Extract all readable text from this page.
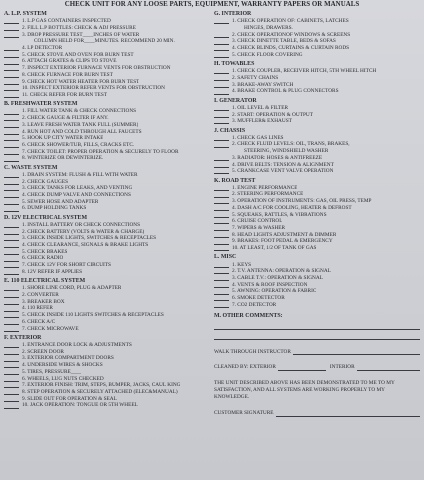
CHECK UNIT FOR ANY LOOSE PARTS, EQUIPMENT, WARRANTY PAPERS OR MANUALS
A. L.P. SYSTEM
1. L.P GAS CONTAINERS INSPECTED
2. FILL L.P BOTTLES: CHECK & ADJ PRESSURE
3. DROP PRESSURE TEST____INCHES OF WATER
COLUMN HELD FOR____MINUTES. RECOMMEND 20 MIN.
4. LP DETECTOR
5. CHECK STOVE AND OVEN FOR BURN TEST
6. ATTACH GRATES & CLIPS TO STOVE
7. INSPECT EXTERIOR FURNACE VENTS FOR OBSTRUCTION
8. CHECK FURNACE FOR BURN TEST
9. CHECK HOT WATER HEATER FOR BURN TEST
10. INSPECT EXTERIOR REFER VENTS FOR OBSTRUCTION
11. CHECK REFER FOR BURN TEST
B. FRESHWATER SYSTEM
1. FILL WATER TANK & CHECK CONNECTIONS
2. CHECK GAUGE & FILTER IF ANY.
3. LEAVE FRESH WATER TANK FULL (SUMMER)
4. RUN HOT AND COLD THROUGH ALL FAUCETS
5. HOOK UP CITY WATER INTAKE
6. CHECK SHOWER/TUB, FILLS, CRACKS ETC.
7. CHECK TOILET: PROPER OPERATION & SECURELY TO FLOOR
8. WINTERIZE OR DEWINTERIZE.
C. WASTE SYSTEM
1. DRAIN SYSTEM: FLUSH & FILL WITH WATER
2. CHECK GAUGES
3. CHECK TANKS FOR LEAKS, AND VENTING
4. CHECK DUMP VALVE AND CONNECTIONS
5. SEWER HOSE AND ADAPTER
6. DUMP HOLDING TANKS
D. 12V ELECTRICAL SYSTEM
1. INSTALL BATTERY OR CHECK CONNECTIONS
2. CHECK BATTERY (VOLTS & WATER & CHARGE)
3. CHECK INSIDE LIGHTS, SWITCHES & RECEPTACLES
4. CHECK CLEARANCE, SIGNALS & BRAKE LIGHTS
5. CHECK BRAKES
6. CHECK RADIO
7. CHECK 12V FOR SHORT CIRCUITS
8. 12V REFER IF APPLIES
E. 110 ELECTRICAL SYSTEM
1. SHORE LINE CORD, PLUG & ADAPTER
2. CONVERTER
3. BREAKER BOX
4. 110 REFER
5. CHECK INSIDE 110 LIGHTS SWITCHES & RECEPTACLES
6. CHECK A/C
7. CHECK MICROWAVE
F. EXTERIOR
1. ENTRANCE DOOR LOCK & ADJUSTMENTS
2. SCREEN DOOR
3. EXTERIOR COMPARTMENT DOORS
4. UNDERSIDE WIRES & SHOCKS
5. TIRES, PRESSURE____
6. WHEELS, LUG NUTS CHECKED
7. EXTERIOR FINISH: TRIM, STEPS, BUMPER, JACKS, CAUL KING
8. STEP OPERATION & SECURELY ATTACHED (ELEC&MANUAL)
9. SLIDE OUT FOR OPERATION & SEAL
10. JACK OPERATION: TONGUE OR 5TH WHEEL
G. INTERIOR
1. CHECK OPERATION OF: CABINETS, LATCHES
HINGES, DRAWERS.
2. CHECK OPERATIONOF WINDOWS & SCREENS
3. CHECK DINETTE TABLE, BEDS & SOFAS
4. CHECK BLINDS, CURTAINS & CURTAIN RODS
5. CHECK FLOOR COVERING
H. TOWABLES
1. CHECK COUPLER, RECEIVER HITCH, 5TH WHEEL HITCH
2. SAFETY CHAINS
3. BRAKE-AWAY SWITCH
4. BRAKE CONTROL & PLUG CONNECTORS
I. GENERATOR
1. OIL LEVEL & FILTER
2. START: OPERATION & OUTPUT
3. MUFFLER& EXHAUST
J. CHASSIS
1. CHECK GAS LINES
2. CHECK FLUID LEVELS: OIL, TRANS, BRAKES,
STEERING, WINDSHIELD WASHER
3. RADIATOR: HOSES & ANTIFREEZE
4. DRIVE BELTS: TENSION & ALIGNMENT
5. CRANKCASE VENT VALVE OPERATION
K. ROAD TEST
1. ENGINE PERFORMANCE
2. STEERING PERFORMANCE
3. OPERATION OF INSTRUMENTS: GAS, OIL PRESS, TEMP
4. DASH A/C FOR COOLING, HEATER & DEFROST
5. SQUEAKS, RATTLES, & VIBRATIONS
6. CRUISE CONTROL
7. WIPERS & WASHER
8. HEAD LIGHTS ADJUSTMENT & DIMMER
9. BRAKES: FOOT PEDAL & EMERGENCY
10. AT LEAST, 1/2 OF TANK OF GAS
L. MISC
1. KEYS
2. T.V. ANTENNA: OPERATION & SIGNAL
3. CABLE T.V.: OPERATION & SIGNAL
4. VENTS & ROOF INSPECTION
5. AWNING: OPERATION & FABRIC
6. SMOKE DETECTOR
7. CO2 DETECTOR
M. OTHER COMMENTS:
WALK THROUGH INSTRUCTOR
CLEANED BY: EXTERIOR	INTERIOR
THE UNIT DESCRIBED ABOVE HAS BEEN DEMONSTRATED TO ME TO MY SATISFACTION, AND ALL SYSTEMS ARE WORKING PROPERLY TO MY KNOWLEDGE.
CUSTOMER SIGNATURE
